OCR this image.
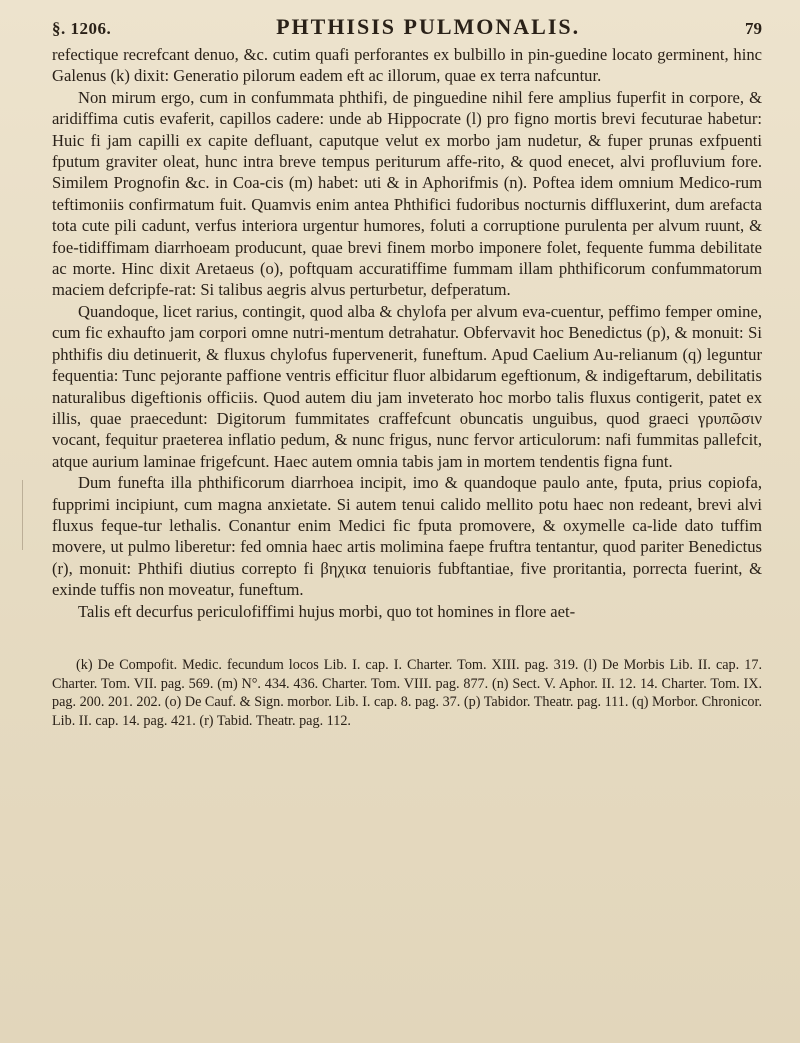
§. 1206.	PHTHISIS PULMONALIS.	79

refectique recrefcant denuo, &c. cutim quafi perforantes ex bulbillo in pin-guedine locato germinent, hinc Galenus (k) dixit: Generatio pilorum eadem eft ac illorum, quae ex terra nafcuntur.

Non mirum ergo, cum in confummata phthifi, de pinguedine nihil fere amplius fuperfit in corpore, & aridiffima cutis evaferit, capillos cadere: unde ab Hippocrate (l) pro figno mortis brevi fecuturae habetur: Huic fi jam capilli ex capite defluant, caputque velut ex morbo jam nudetur, & fuper prunas exfpuenti fputum graviter oleat, hunc intra breve tempus periturum affe-rito, & quod enecet, alvi profluvium fore. Similem Prognofin &c. in Coa-cis (m) habet: uti & in Aphorifmis (n). Poftea idem omnium Medico-rum teftimoniis confirmatum fuit. Quamvis enim antea Phthifici fudoribus nocturnis diffluxerint, dum arefacta tota cute pili cadunt, verfus interiora urgentur humores, foluti a corruptione purulenta per alvum ruunt, & foe-tidiffimam diarrhoeam producunt, quae brevi finem morbo imponere folet, fequente fumma debilitate ac morte. Hinc dixit Aretaeus (o), poftquam accuratiffime fummam illam phthificorum confummatorum maciem defcripfe-rat: Si talibus aegris alvus perturbetur, defperatum.

Quandoque, licet rarius, contingit, quod alba & chylofa per alvum eva-cuentur, peffimo femper omine, cum fic exhaufto jam corpori omne nutri-mentum detrahatur. Obfervavit hoc Benedictus (p), & monuit: Si phthifis diu detinuerit, & fluxus chylofus fupervenerit, funeftum. Apud Caelium Au-relianum (q) leguntur fequentia: Tunc pejorante paffione ventris efficitur fluor albidarum egeftionum, & indigeftarum, debilitatis naturalibus digeftionis officiis. Quod autem diu jam inveterato hoc morbo talis fluxus contigerit, patet ex illis, quae praecedunt: Digitorum fummitates craffefcunt obuncatis unguibus, quod graeci γρυπῶσιν vocant, fequitur praeterea inflatio pedum, & nunc frigus, nunc fervor articulorum: nafi fummitas pallefcit, atque aurium laminae frigefcunt. Haec autem omnia tabis jam in mortem tendentis figna funt.

Dum funefta illa phthificorum diarrhoea incipit, imo & quandoque paulo ante, fputa, prius copiofa, fupprimi incipiunt, cum magna anxietate. Si autem tenui calido mellito potu haec non redeant, brevi alvi fluxus feque-tur lethalis. Conantur enim Medici fic fputa promovere, & oxymelle ca-lide dato tuffim movere, ut pulmo liberetur: fed omnia haec artis molimina faepe fruftra tentantur, quod pariter Benedictus (r), monuit: Phthifi diutius correpto fi βηχικα tenuioris fubftantiae, five proritantia, porrecta fuerint, & exinde tuffis non moveatur, funeftum.

Talis eft decurfus periculofiffimi hujus morbi, quo tot homines in flore aet-

(k) De Compofit. Medic. fecundum locos Lib. I. cap. I. Charter. Tom. XIII. pag. 319. (l) De Morbis Lib. II. cap. 17. Charter. Tom. VII. pag. 569. (m) N°. 434. 436. Charter. Tom. VIII. pag. 877. (n) Sect. V. Aphor. II. 12. 14. Charter. Tom. IX. pag. 200. 201. 202. (o) De Cauf. & Sign. morbor. Lib. I. cap. 8. pag. 37. (p) Tabidor. Theatr. pag. 111. (q) Morbor. Chronicor. Lib. II. cap. 14. pag. 421. (r) Tabid. Theatr. pag. 112.
